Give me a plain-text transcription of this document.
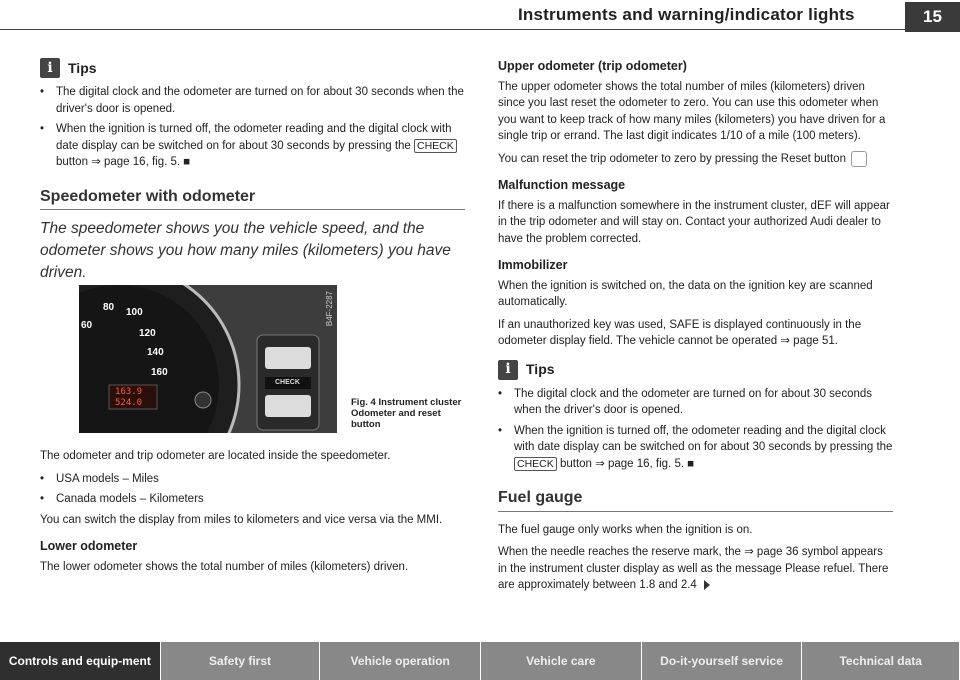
Instruments and warning/indicator lights	15
i	Tips
•	The digital clock and the odometer are turned on for about 30 seconds when the driver's door is opened.
•	When the ignition is turned off, the odometer reading and the digital clock with date display can be switched on for about 30 seconds by pressing the CHECK button ⇒ page 16, fig. 5. ■
Speedometer with odometer
The speedometer shows you the vehicle speed, and the odometer shows you how many miles (kilometers) you have driven.
60
80 100
120
140
160
163.9
524.0
CHECK
B4F-2287
Fig. 4 Instrument cluster Odometer and reset button

The odometer and trip odometer are located inside the speedometer.

•	USA models – Miles
•	Canada models – Kilometers

You can switch the display from miles to kilometers and vice versa via the MMI.

Lower odometer

The lower odometer shows the total number of miles (kilometers) driven.

Upper odometer (trip odometer)

The upper odometer shows the total number of miles (kilometers) driven since you last reset the odometer to zero. You can use this odometer when you want to keep track of how many miles (kilometers) you have driven for a single trip or errand. The last digit indicates 1/10 of a mile (100 meters).

You can reset the trip odometer to zero by pressing the Reset button

Malfunction message

If there is a malfunction somewhere in the instrument cluster, dEF will appear in the trip odometer and will stay on. Contact your authorized Audi dealer to have the problem corrected.

Immobilizer

When the ignition is switched on, the data on the ignition key are scanned automatically.

If an unauthorized key was used, SAFE is displayed continuously in the odometer display field. The vehicle cannot be operated ⇒ page 51.

i	Tips
•	The digital clock and the odometer are turned on for about 30 seconds when the driver's door is opened.
•	When the ignition is turned off, the odometer reading and the digital clock with date display can be switched on for about 30 seconds by pressing the CHECK button ⇒ page 16, fig. 5. ■
Fuel gauge

The fuel gauge only works when the ignition is on.

When the needle reaches the reserve mark, the ⇒ page 36 symbol appears in the instrument cluster display as well as the message Please refuel. There are approximately between 1.8 and 2.4

Controls and equip-ment	Safety first	Vehicle operation	Vehicle care	Do-it-yourself service	Technical data
